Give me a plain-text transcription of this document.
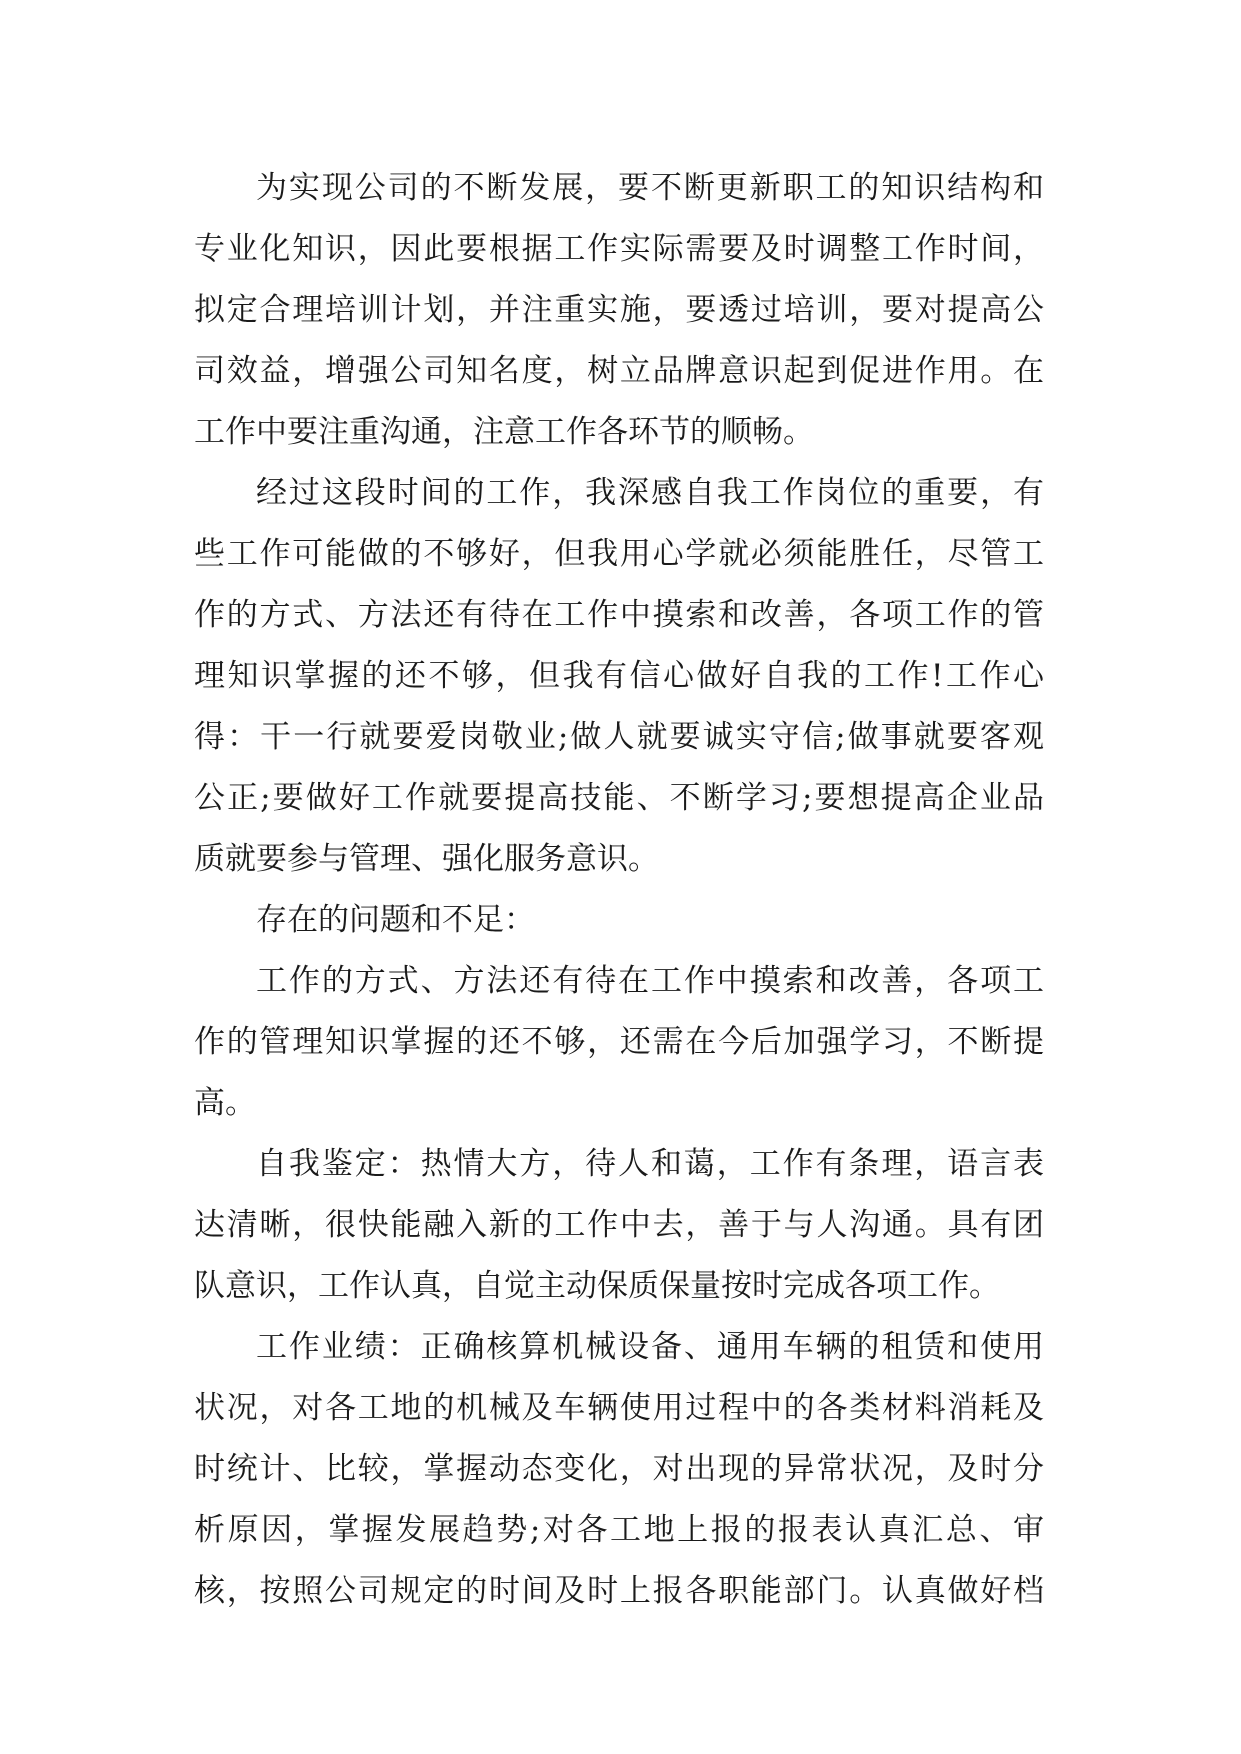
为实现公司的不断发展，要不断更新职工的知识结构和
专业化知识，因此要根据工作实际需要及时调整工作时间，
拟定合理培训计划，并注重实施，要透过培训，要对提高公
司效益，增强公司知名度，树立品牌意识起到促进作用。在
工作中要注重沟通，注意工作各环节的顺畅。
经过这段时间的工作，我深感自我工作岗位的重要，有
些工作可能做的不够好，但我用心学就必须能胜任，尽管工
作的方式、方法还有待在工作中摸索和改善，各项工作的管
理知识掌握的还不够，但我有信心做好自我的工作!工作心
得：干一行就要爱岗敬业;做人就要诚实守信;做事就要客观
公正;要做好工作就要提高技能、不断学习;要想提高企业品
质就要参与管理、强化服务意识。
存在的问题和不足：
工作的方式、方法还有待在工作中摸索和改善，各项工
作的管理知识掌握的还不够，还需在今后加强学习，不断提
高。
自我鉴定：热情大方，待人和蔼，工作有条理，语言表
达清晰，很快能融入新的工作中去，善于与人沟通。具有团
队意识，工作认真，自觉主动保质保量按时完成各项工作。
工作业绩：正确核算机械设备、通用车辆的租赁和使用
状况，对各工地的机械及车辆使用过程中的各类材料消耗及
时统计、比较，掌握动态变化，对出现的异常状况，及时分
析原因，掌握发展趋势;对各工地上报的报表认真汇总、审
核，按照公司规定的时间及时上报各职能部门。认真做好档
